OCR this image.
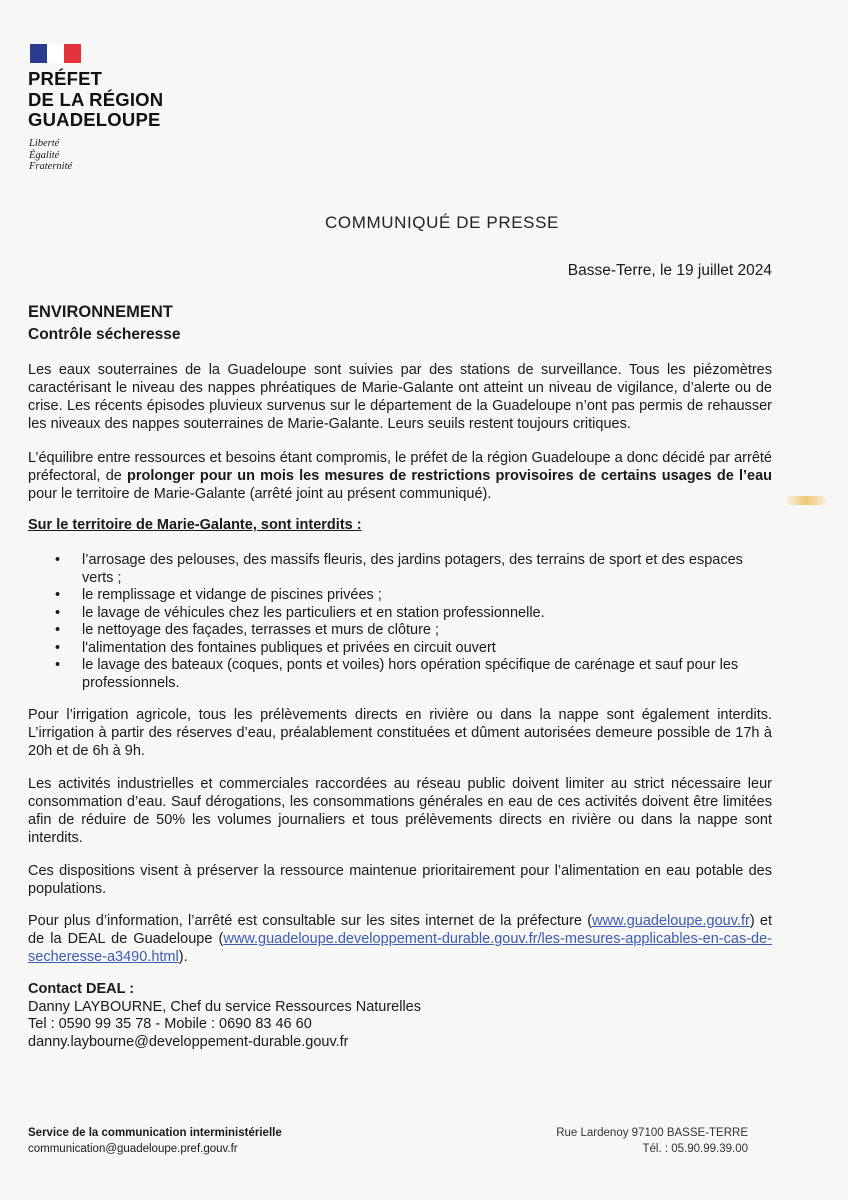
PRÉFET
DE LA RÉGION
GUADELOUPE
Liberté
Égalité
Fraternité
COMMUNIQUÉ DE PRESSE
Basse-Terre, le 19 juillet 2024
ENVIRONNEMENT
Contrôle sécheresse
Les eaux souterraines de la Guadeloupe sont suivies par des stations de surveillance. Tous les piézomètres caractérisant le niveau des nappes phréatiques de Marie-Galante ont atteint un niveau de vigilance, d’alerte ou de crise. Les récents épisodes pluvieux survenus sur le département de la Guadeloupe n’ont pas permis de rehausser les niveaux des nappes souterraines de Marie-Galante. Leurs seuils restent toujours critiques.
L’équilibre entre ressources et besoins étant compromis, le préfet de la région Guadeloupe a donc décidé par arrêté préfectoral, de prolonger pour un mois les mesures de restrictions provisoires de certains usages de l’eau pour le territoire de Marie-Galante (arrêté joint au présent communiqué).
Sur le territoire de Marie-Galante, sont interdits :
• l’arrosage des pelouses, des massifs fleuris, des jardins potagers, des terrains de sport et des espaces verts ;
• le remplissage et vidange de piscines privées ;
• le lavage de véhicules chez les particuliers et en station professionnelle.
• le nettoyage des façades, terrasses et murs de clôture ;
• l'alimentation des fontaines publiques et privées en circuit ouvert
• le lavage des bateaux (coques, ponts et voiles) hors opération spécifique de carénage et sauf pour les professionnels.
Pour l’irrigation agricole, tous les prélèvements directs en rivière ou dans la nappe sont également interdits. L’irrigation à partir des réserves d’eau, préalablement constituées et dûment autorisées demeure possible de 17h à 20h et de 6h à 9h.
Les activités industrielles et commerciales raccordées au réseau public doivent limiter au strict nécessaire leur consommation d’eau. Sauf dérogations, les consommations générales en eau de ces activités doivent être limitées afin de réduire de 50% les volumes journaliers et tous prélèvements directs en rivière ou dans la nappe sont interdits.
Ces dispositions visent à préserver la ressource maintenue prioritairement pour l’alimentation en eau potable des populations.
Pour plus d’information, l’arrêté est consultable sur les sites internet de la préfecture (www.guadeloupe.gouv.fr) et de la DEAL de Guadeloupe (www.guadeloupe.developpement-durable.gouv.fr/les-mesures-applicables-en-cas-de-secheresse-a3490.html).
Contact DEAL :
Danny LAYBOURNE, Chef du service Ressources Naturelles
Tel : 0590 99 35 78 - Mobile : 0690 83 46 60
danny.laybourne@developpement-durable.gouv.fr
Service de la communication interministérielle
communication@guadeloupe.pref.gouv.fr
Rue Lardenoy 97100 BASSE-TERRE
Tél. : 05.90.99.39.00
